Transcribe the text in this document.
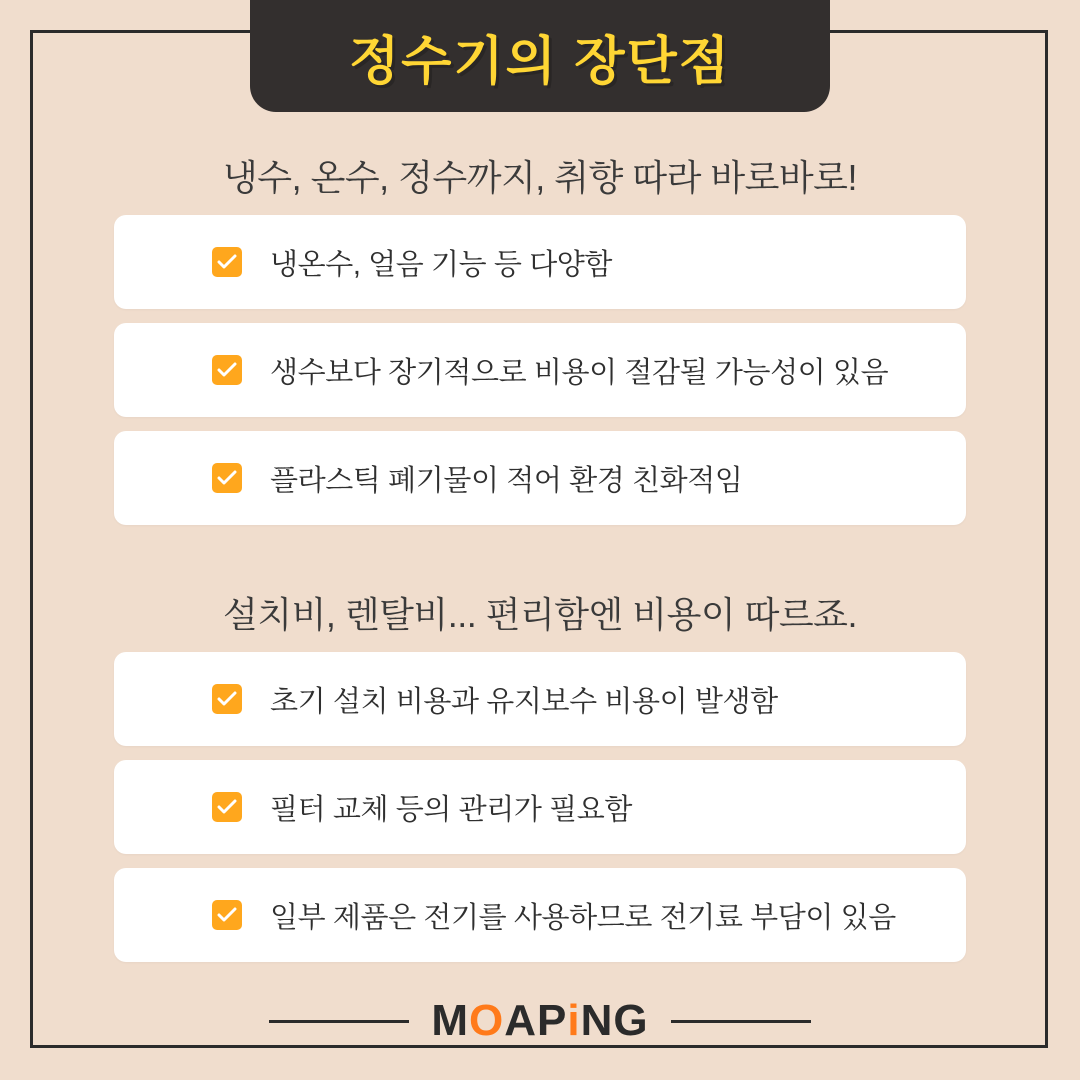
정수기의 장단점
냉수, 온수, 정수까지, 취향 따라 바로바로!
냉온수, 얼음 기능 등 다양함
생수보다 장기적으로 비용이 절감될 가능성이 있음
플라스틱 폐기물이 적어 환경 친화적임
설치비, 렌탈비... 편리함엔 비용이 따르죠.
초기 설치 비용과 유지보수 비용이 발생함
필터 교체 등의 관리가 필요함
일부 제품은 전기를 사용하므로 전기료 부담이 있음
M O AP i N G
